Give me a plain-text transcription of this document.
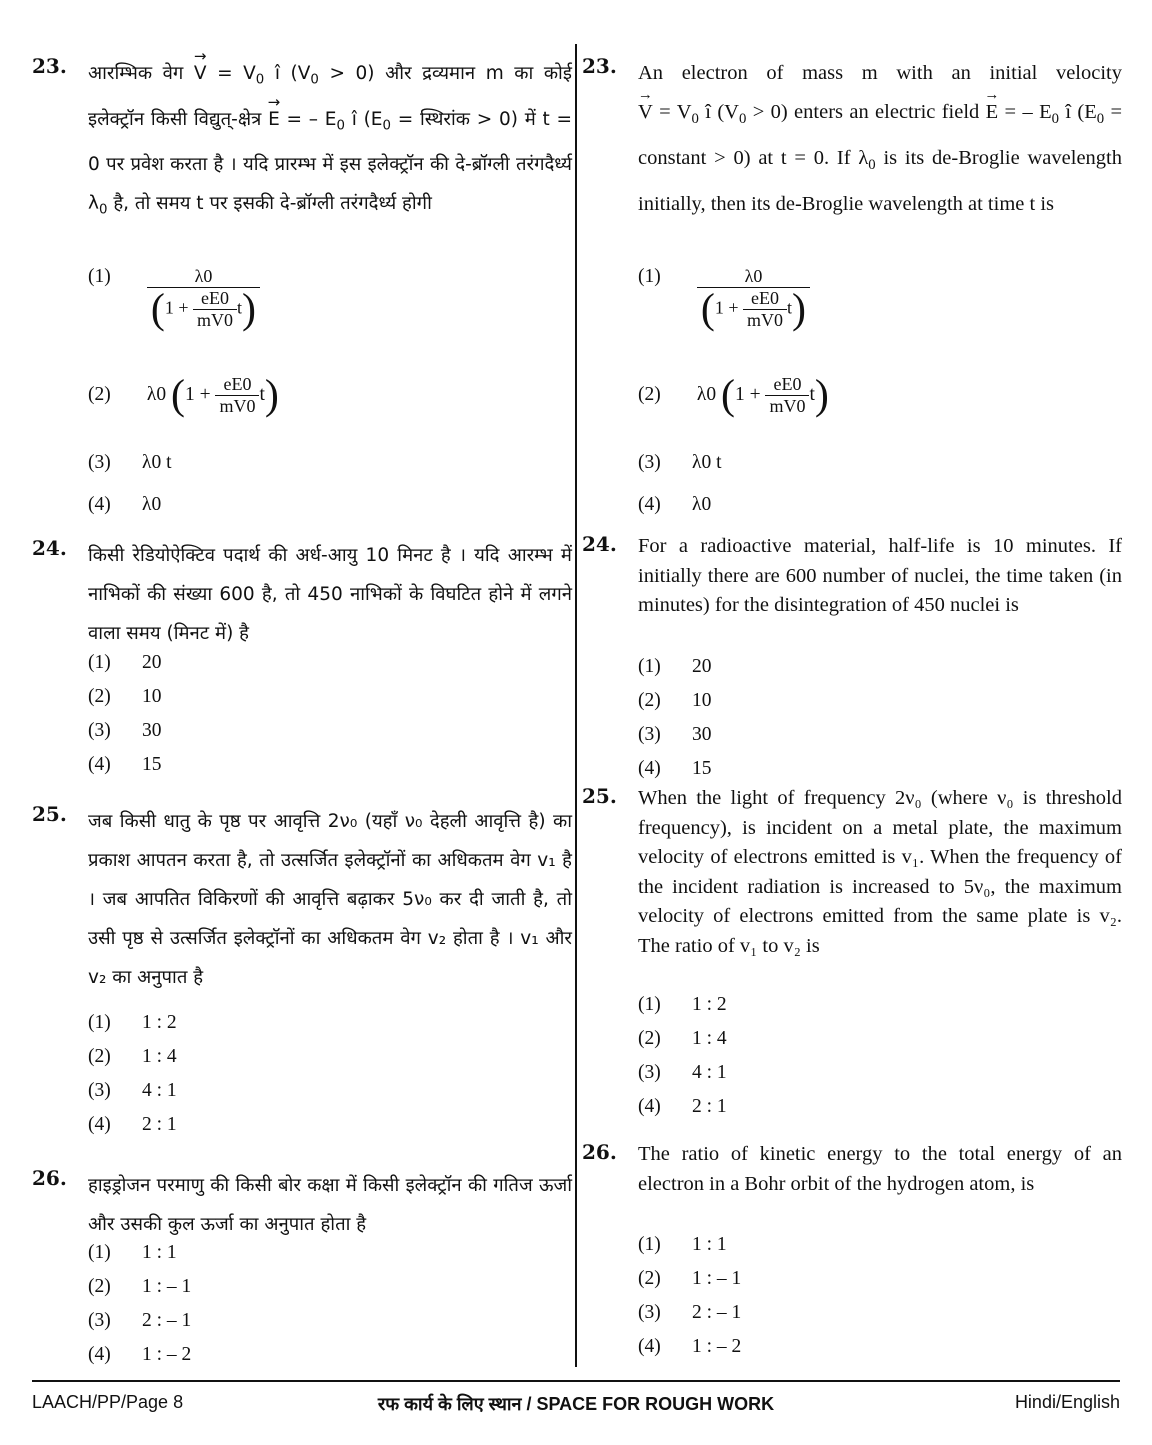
23. आरम्भिक वेग
→
$V = V_0$ î $(V_0 > 0)$ और द्रव्यमान m का कोई इलेक्ट्रॉन किसी विद्युत्-क्षेत्र
→
E = – $E_0$ î ($E_0$ = स्थिरांक > 0) में t = 0 पर प्रवेश करता है । यदि प्रारम्भ में इस इलेक्ट्रॉन की दे-ब्रॉग्ली तरंगदैर्ध्य $\lambda_0$ है, तो समय t पर इसकी दे-ब्रॉग्ली तरंगदैर्ध्य होगी
$(1) \frac{\lambda 0}{(1 + \frac{eE0}{mV0} t)}$
(2) λ0 $(1 + \frac{eE0}{mV0} t)$
(3) λ0 t
(4) λ0
24. किसी रेडियोऐक्टिव पदार्थ की अर्ध-आयु 10 मिनट है । यदि आरम्भ में नाभिकों की संख्या 600 है, तो 450 नाभिकों के विघटित होने में लगने वाला समय (मिनट में) है
(1) 20
(2) 10
(3) 30
(4) 15
25. जब किसी धातु के पृष्ठ पर आवृत्ति 2ν₀ (यहाँ ν₀ देहली आवृत्ति है) का प्रकाश आपतन करता है, तो उत्सर्जित इलेक्ट्रॉनों का अधिकतम वेग v₁ है । जब आपतित विकिरणों की आवृत्ति बढ़ाकर 5ν₀ कर दी जाती है, तो उसी पृष्ठ से उत्सर्जित इलेक्ट्रॉनों का अधिकतम वेग v₂ होता है । v₁ और v₂ का अनुपात है
(1) 1 : 2
(2) 1 : 4
(3) 4 : 1
(4) 2 : 1
26. हाइड्रोजन परमाणु की किसी बोर कक्षा में किसी इलेक्ट्रॉन की गतिज ऊर्जा और उसकी कुल ऊर्जा का अनुपात होता है
(1) 1 : 1
(2) 1 : – 1
(3) 2 : – 1
(4) 1 : – 2
23. An electron of mass m with an initial velocity
→
$V = V_0$ î $(V_0 > 0)$ enters an electric field
→
E = – $E_0$ î ($E_0$ = constant > 0) at t = 0. If $\lambda_0$ is its de-Broglie wavelength initially, then its de-Broglie wavelength at time t is
$(1) \frac{\lambda 0}{(1 + \frac{eE0}{mV0} t)}$
(2) λ0 $(1 + \frac{eE0}{mV0} t)$
(3) λ0 t
(4) λ0
24. For a radioactive material, half-life is 10 minutes. If initially there are 600 number of nuclei, the time taken (in minutes) for the disintegration of 450 nuclei is
(1) 20
(2) 10
(3) 30
(4) 15
25. When the light of frequency 2ν₀ (where ν₀ is threshold frequency), is incident on a metal plate, the maximum velocity of electrons emitted is v₁. When the frequency of the incident radiation is increased to 5ν₀, the maximum velocity of electrons emitted from the same plate is v₂. The ratio of v₁ to v₂ is
(1) 1 : 2
(2) 1 : 4
(3) 4 : 1
(4) 2 : 1
26. The ratio of kinetic energy to the total energy of an electron in a Bohr orbit of the hydrogen atom, is
(1) 1 : 1
(2) 1 : – 1
(3) 2 : – 1
(4) 1 : – 2
LAACH/PP/Page 8	रफ कार्य के लिए स्थान / SPACE FOR ROUGH WORK	Hindi/English
